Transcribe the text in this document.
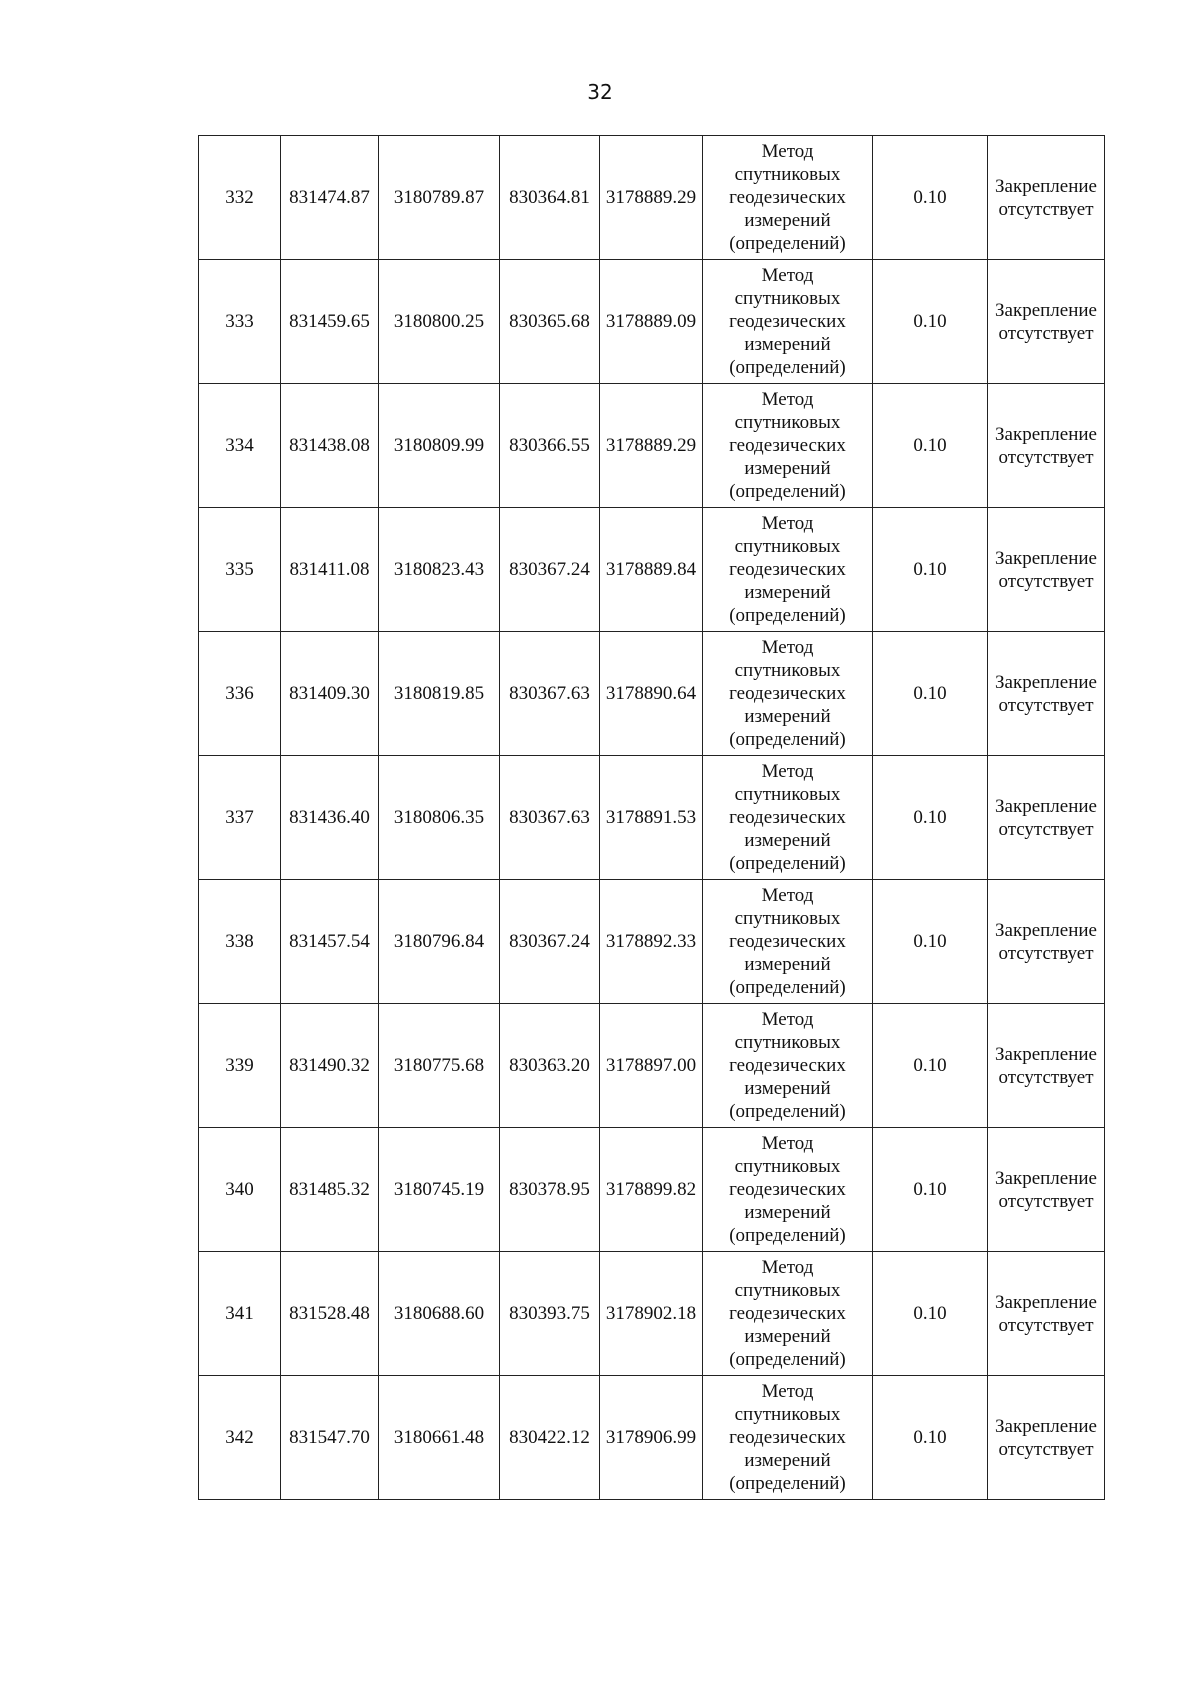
32
332	831474.87	3180789.87	830364.81	3178889.29	Метод
спутниковых
геодезических
измерений
(определений)	0.10	Закрепление
отсутствует

333	831459.65	3180800.25	830365.68	3178889.09	Метод
спутниковых
геодезических
измерений
(определений)	0.10	Закрепление
отсутствует

334	831438.08	3180809.99	830366.55	3178889.29	Метод
спутниковых
геодезических
измерений
(определений)	0.10	Закрепление
отсутствует

335	831411.08	3180823.43	830367.24	3178889.84	Метод
спутниковых
геодезических
измерений
(определений)	0.10	Закрепление
отсутствует

336	831409.30	3180819.85	830367.63	3178890.64	Метод
спутниковых
геодезических
измерений
(определений)	0.10	Закрепление
отсутствует

337	831436.40	3180806.35	830367.63	3178891.53	Метод
спутниковых
геодезических
измерений
(определений)	0.10	Закрепление
отсутствует

338	831457.54	3180796.84	830367.24	3178892.33	Метод
спутниковых
геодезических
измерений
(определений)	0.10	Закрепление
отсутствует

339	831490.32	3180775.68	830363.20	3178897.00	Метод
спутниковых
геодезических
измерений
(определений)	0.10	Закрепление
отсутствует

340	831485.32	3180745.19	830378.95	3178899.82	Метод
спутниковых
геодезических
измерений
(определений)	0.10	Закрепление
отсутствует

341	831528.48	3180688.60	830393.75	3178902.18	Метод
спутниковых
геодезических
измерений
(определений)	0.10	Закрепление
отсутствует

342	831547.70	3180661.48	830422.12	3178906.99	Метод
спутниковых
геодезических
измерений
(определений)	0.10	Закрепление
отсутствует
